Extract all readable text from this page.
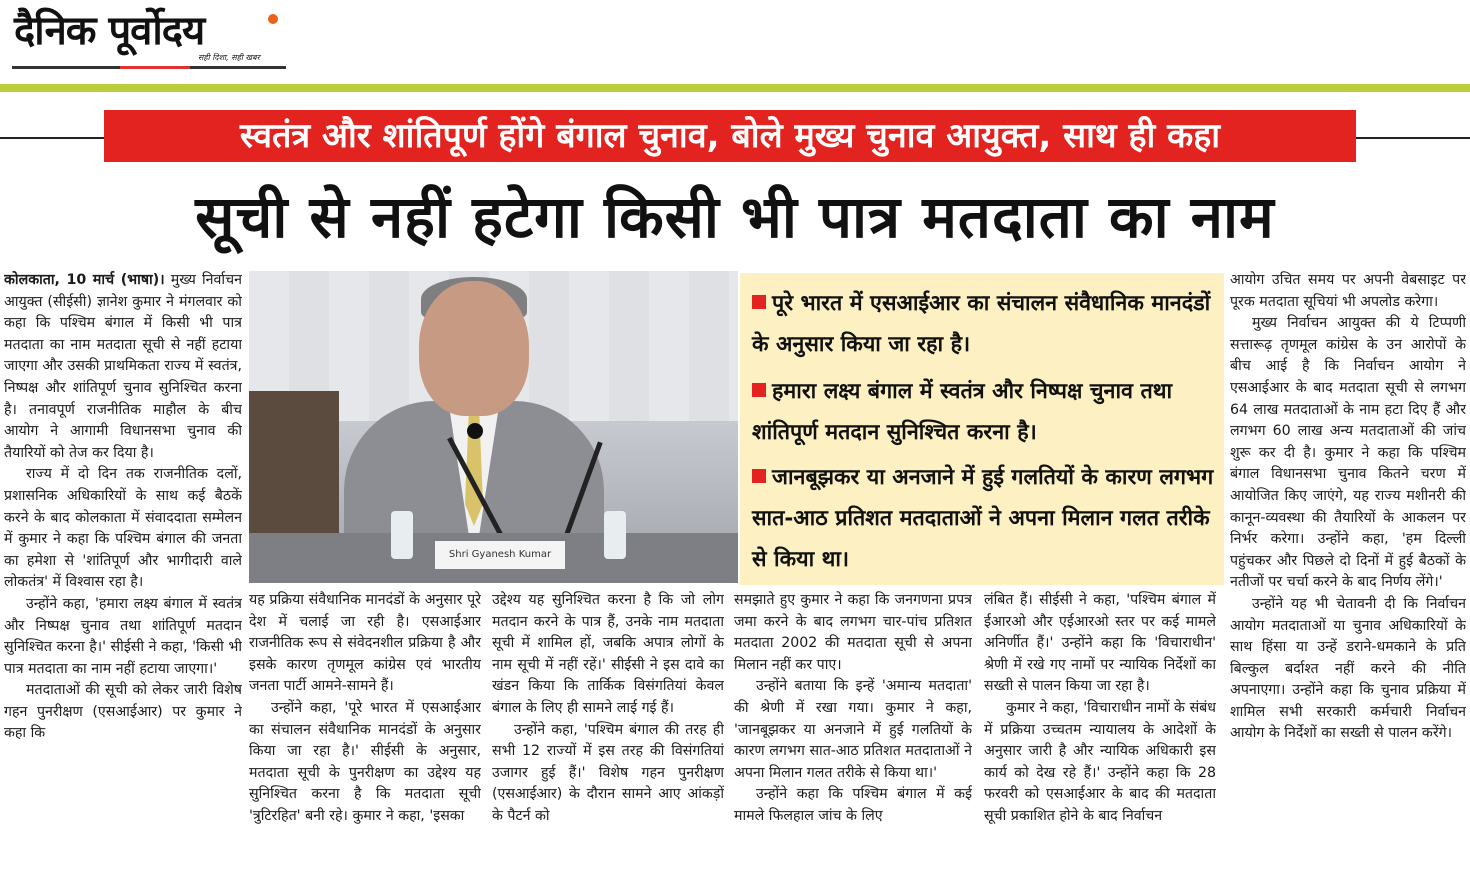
दैनिक पूर्वोदय
सही दिशा, सही खबर
स्वतंत्र और शांतिपूर्ण होंगे बंगाल चुनाव, बोले मुख्य चुनाव आयुक्त, साथ ही कहा
सूची से नहीं हटेगा किसी भी पात्र मतदाता का नाम

कोलकाता, 10 मार्च (भाषा)। मुख्य निर्वाचन आयुक्त (सीईसी) ज्ञानेश कुमार ने मंगलवार को कहा कि पश्चिम बंगाल में किसी भी पात्र मतदाता का नाम मतदाता सूची से नहीं हटाया जाएगा और उसकी प्राथमिकता राज्य में स्वतंत्र, निष्पक्ष और शांतिपूर्ण चुनाव सुनिश्चित करना है। तनावपूर्ण राजनीतिक माहौल के बीच आयोग ने आगामी विधानसभा चुनाव की तैयारियों को तेज कर दिया है।

राज्य में दो दिन तक राजनीतिक दलों, प्रशासनिक अधिकारियों के साथ कई बैठकें करने के बाद कोलकाता में संवाददाता सम्मेलन में कुमार ने कहा कि पश्चिम बंगाल की जनता का हमेशा से 'शांतिपूर्ण और भागीदारी वाले लोकतंत्र' में विश्वास रहा है।

उन्होंने कहा, 'हमारा लक्ष्य बंगाल में स्वतंत्र और निष्पक्ष चुनाव तथा शांतिपूर्ण मतदान सुनिश्चित करना है।' सीईसी ने कहा, 'किसी भी पात्र मतदाता का नाम नहीं हटाया जाएगा।'

मतदाताओं की सूची को लेकर जारी विशेष गहन पुनरीक्षण (एसआईआर) पर कुमार ने कहा कि

Shri Gyanesh Kumar
पूरे भारत में एसआईआर का संचालन संवैधानिक मानदंडों के अनुसार किया जा रहा है।
हमारा लक्ष्य बंगाल में स्वतंत्र और निष्पक्ष चुनाव तथा शांतिपूर्ण मतदान सुनिश्चित करना है।
जानबूझकर या अनजाने में हुई गलतियों के कारण लगभग सात-आठ प्रतिशत मतदाताओं ने अपना मिलान गलत तरीके से किया था।

यह प्रक्रिया संवैधानिक मानदंडों के अनुसार पूरे देश में चलाई जा रही है। एसआईआर राजनीतिक रूप से संवेदनशील प्रक्रिया है और इसके कारण तृणमूल कांग्रेस एवं भारतीय जनता पार्टी आमने-सामने हैं।

उन्होंने कहा, 'पूरे भारत में एसआईआर का संचालन संवैधानिक मानदंडों के अनुसार किया जा रहा है।' सीईसी के अनुसार, मतदाता सूची के पुनरीक्षण का उद्देश्य यह सुनिश्चित करना है कि मतदाता सूची 'त्रुटिरहित' बनी रहे। कुमार ने कहा, 'इसका

उद्देश्य यह सुनिश्चित करना है कि जो लोग मतदान करने के पात्र हैं, उनके नाम मतदाता सूची में शामिल हों, जबकि अपात्र लोगों के नाम सूची में नहीं रहें।' सीईसी ने इस दावे का खंडन किया कि तार्किक विसंगतियां केवल बंगाल के लिए ही सामने लाई गई हैं।

उन्होंने कहा, 'पश्चिम बंगाल की तरह ही सभी 12 राज्यों में इस तरह की विसंगतियां उजागर हुई हैं।' विशेष गहन पुनरीक्षण (एसआईआर) के दौरान सामने आए आंकड़ों के पैटर्न को

समझाते हुए कुमार ने कहा कि जनगणना प्रपत्र जमा करने के बाद लगभग चार-पांच प्रतिशत मतदाता 2002 की मतदाता सूची से अपना मिलान नहीं कर पाए।

उन्होंने बताया कि इन्हें 'अमान्य मतदाता' की श्रेणी में रखा गया। कुमार ने कहा, 'जानबूझकर या अनजाने में हुई गलतियों के कारण लगभग सात-आठ प्रतिशत मतदाताओं ने अपना मिलान गलत तरीके से किया था।'

उन्होंने कहा कि पश्चिम बंगाल में कई मामले फिलहाल जांच के लिए

लंबित हैं। सीईसी ने कहा, 'पश्चिम बंगाल में ईआरओ और एईआरओ स्तर पर कई मामले अनिर्णीत हैं।' उन्होंने कहा कि 'विचाराधीन' श्रेणी में रखे गए नामों पर न्यायिक निर्देशों का सख्ती से पालन किया जा रहा है।

कुमार ने कहा, 'विचाराधीन नामों के संबंध में प्रक्रिया उच्चतम न्यायालय के आदेशों के अनुसार जारी है और न्यायिक अधिकारी इस कार्य को देख रहे हैं।' उन्होंने कहा कि 28 फरवरी को एसआईआर के बाद की मतदाता सूची प्रकाशित होने के बाद निर्वाचन

आयोग उचित समय पर अपनी वेबसाइट पर पूरक मतदाता सूचियां भी अपलोड करेगा।

मुख्य निर्वाचन आयुक्त की ये टिप्पणी सत्तारूढ़ तृणमूल कांग्रेस के उन आरोपों के बीच आई है कि निर्वाचन आयोग ने एसआईआर के बाद मतदाता सूची से लगभग 64 लाख मतदाताओं के नाम हटा दिए हैं और लगभग 60 लाख अन्य मतदाताओं की जांच शुरू कर दी है। कुमार ने कहा कि पश्चिम बंगाल विधानसभा चुनाव कितने चरण में आयोजित किए जाएंगे, यह राज्य मशीनरी की कानून-व्यवस्था की तैयारियों के आकलन पर निर्भर करेगा। उन्होंने कहा, 'हम दिल्ली पहुंचकर और पिछले दो दिनों में हुई बैठकों के नतीजों पर चर्चा करने के बाद निर्णय लेंगे।'

उन्होंने यह भी चेतावनी दी कि निर्वाचन आयोग मतदाताओं या चुनाव अधिकारियों के साथ हिंसा या उन्हें डराने-धमकाने के प्रति बिल्कुल बर्दाश्त नहीं करने की नीति अपनाएगा। उन्होंने कहा कि चुनाव प्रक्रिया में शामिल सभी सरकारी कर्मचारी निर्वाचन आयोग के निर्देशों का सख्ती से पालन करेंगे।
